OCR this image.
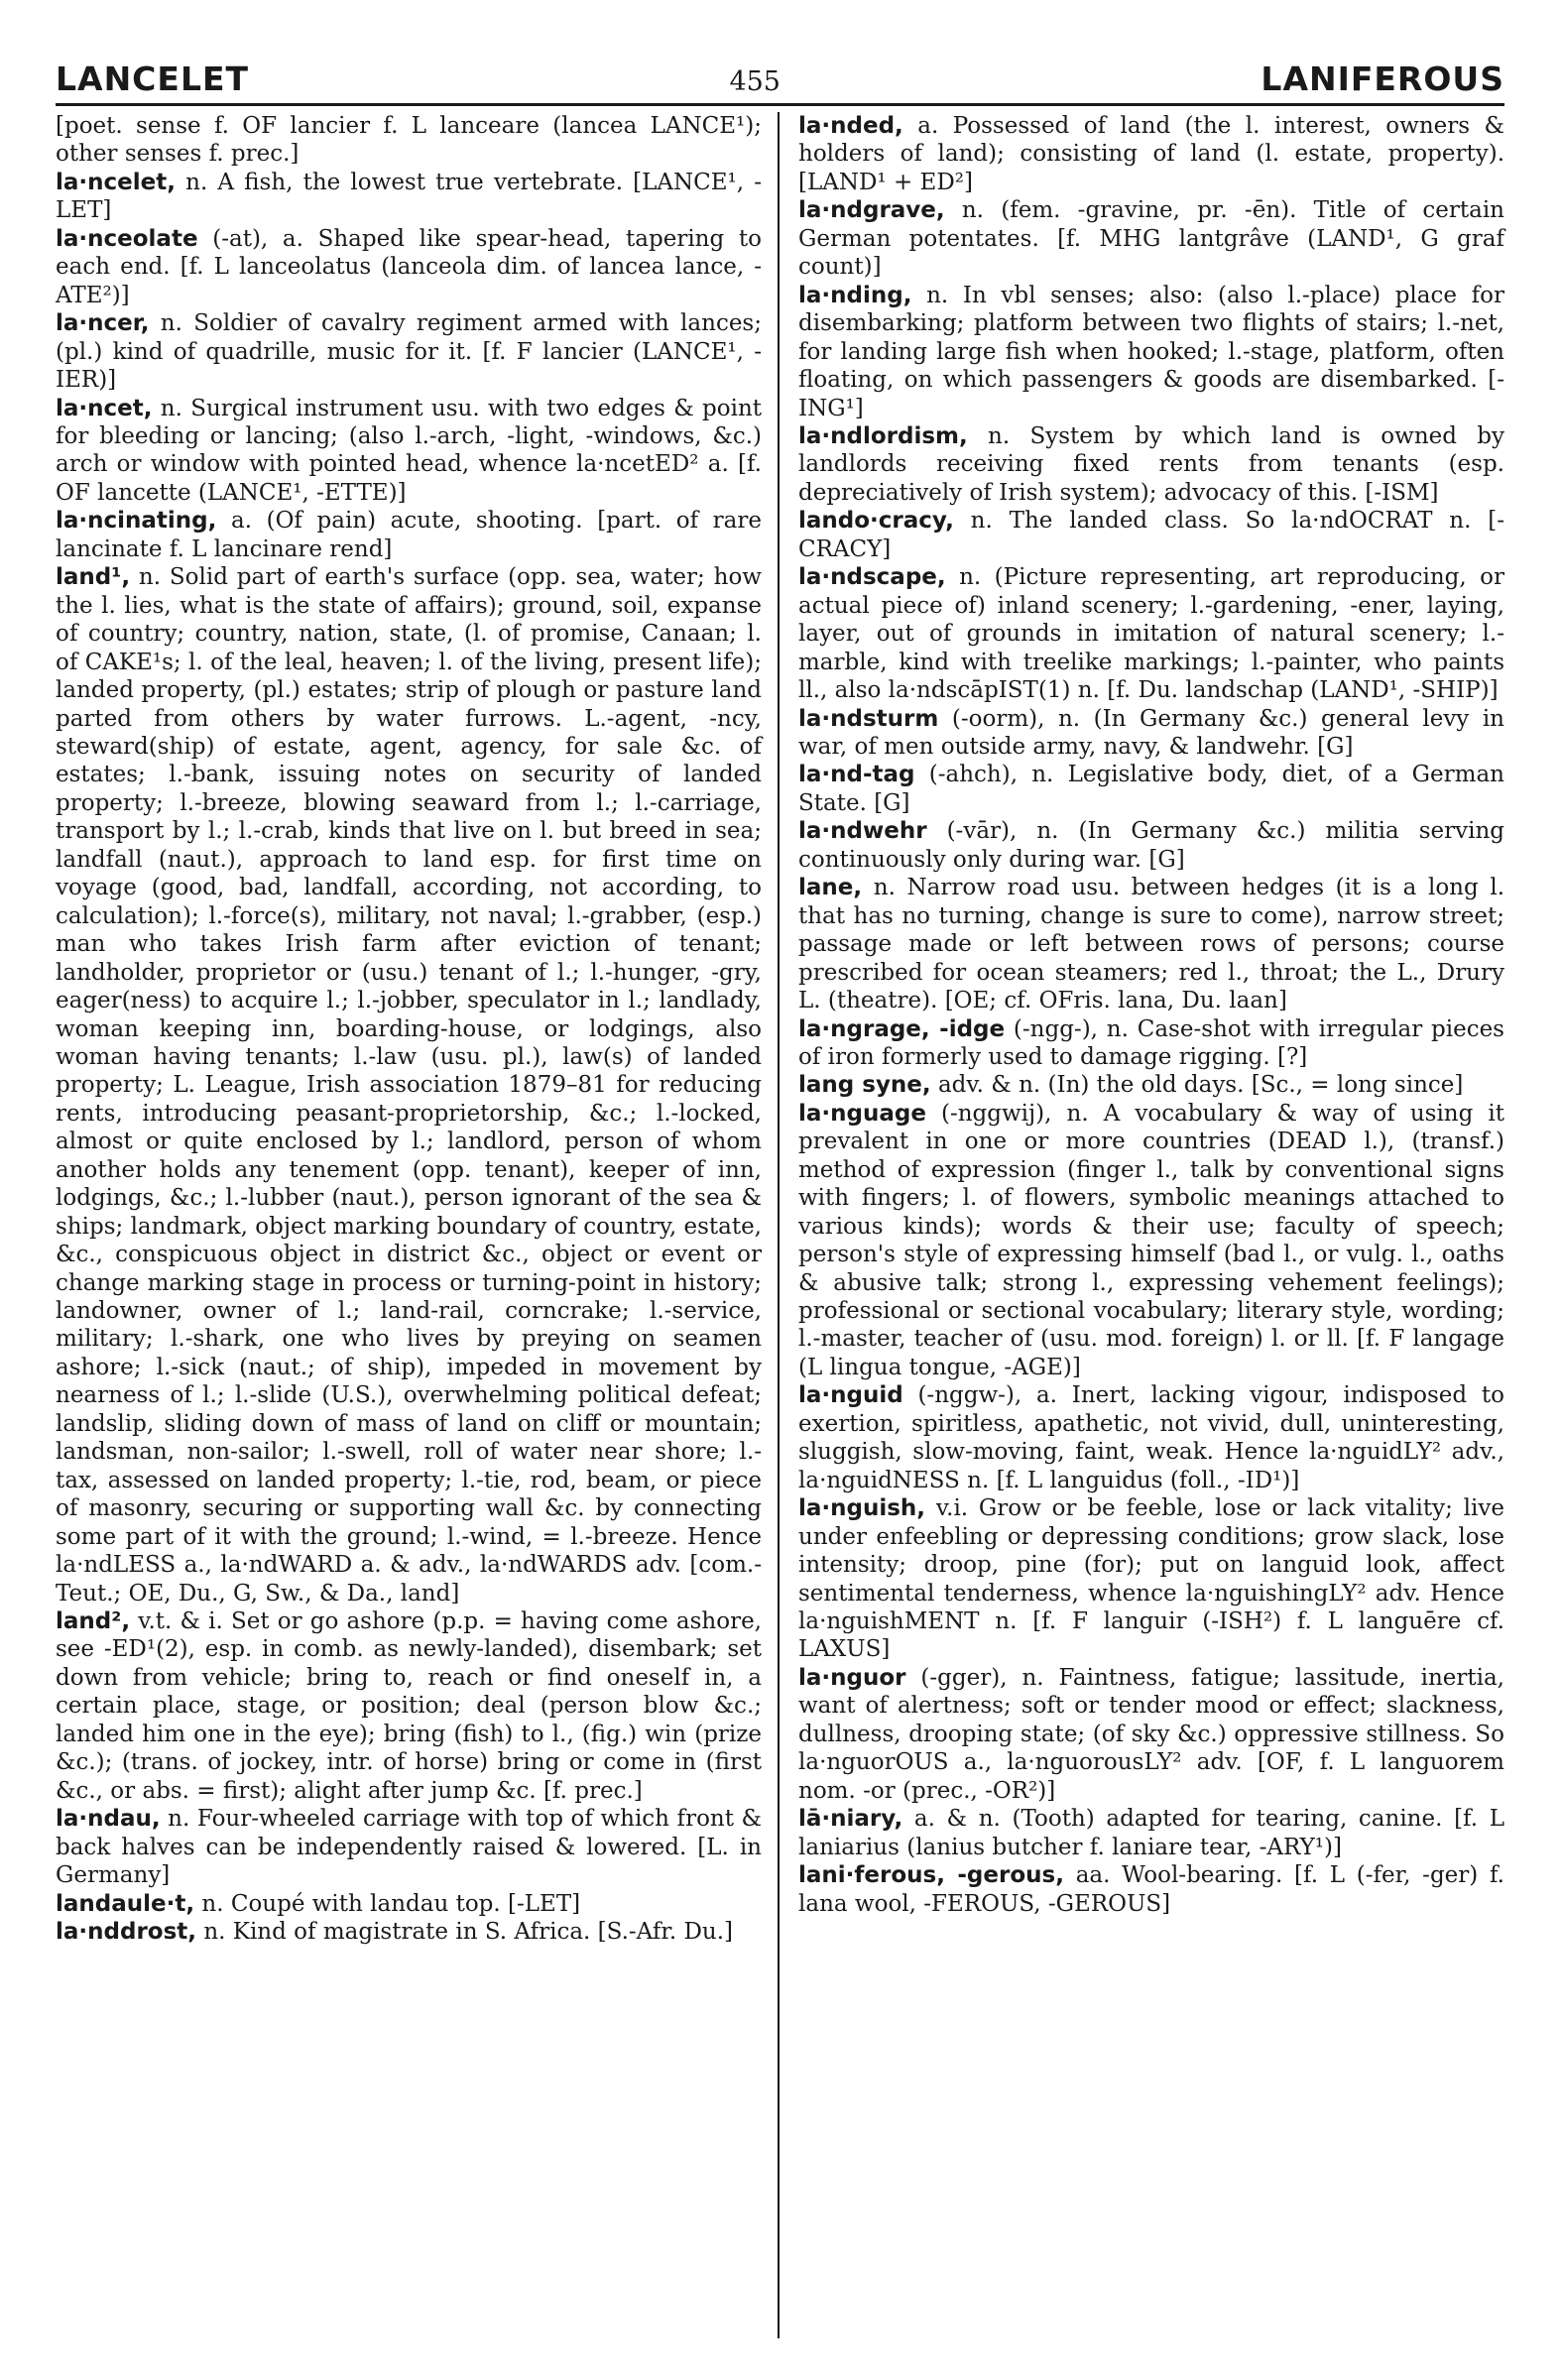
LANCELET	455	LANIFEROUS

[poet. sense f. OF lancier f. L lanceare (lancea LANCE¹); other senses f. prec.]

la·ncelet, n. A fish, the lowest true vertebrate. [LANCE¹, -LET]

la·nceolate (-at), a. Shaped like spear-head, tapering to each end. [f. L lanceolatus (lanceola dim. of lancea lance, -ATE²)]

la·ncer, n. Soldier of cavalry regiment armed with lances; (pl.) kind of quadrille, music for it. [f. F lancier (LANCE¹, -IER)]

la·ncet, n. Surgical instrument usu. with two edges & point for bleeding or lancing; (also l.-arch, -light, -windows, &c.) arch or window with pointed head, whence la·ncetED² a. [f. OF lancette (LANCE¹, -ETTE)]

la·ncinating, a. (Of pain) acute, shooting. [part. of rare lancinate f. L lancinare rend]

land¹, n. Solid part of earth's surface (opp. sea, water; how the l. lies, what is the state of affairs); ground, soil, expanse of country; country, nation, state, (l. of promise, Canaan; l. of CAKE¹s; l. of the leal, heaven; l. of the living, present life); landed property, (pl.) estates; strip of plough or pasture land parted from others by water furrows. L.-agent, -ncy, steward(ship) of estate, agent, agency, for sale &c. of estates; l.-bank, issuing notes on security of landed property; l.-breeze, blowing seaward from l.; l.-carriage, transport by l.; l.-crab, kinds that live on l. but breed in sea; landfall (naut.), approach to land esp. for first time on voyage (good, bad, landfall, according, not according, to calculation); l.-force(s), military, not naval; l.-grabber, (esp.) man who takes Irish farm after eviction of tenant; landholder, proprietor or (usu.) tenant of l.; l.-hunger, -gry, eager(ness) to acquire l.; l.-jobber, speculator in l.; landlady, woman keeping inn, boarding-house, or lodgings, also woman having tenants; l.-law (usu. pl.), law(s) of landed property; L. League, Irish association 1879–81 for reducing rents, introducing peasant-proprietorship, &c.; l.-locked, almost or quite enclosed by l.; landlord, person of whom another holds any tenement (opp. tenant), keeper of inn, lodgings, &c.; l.-lubber (naut.), person ignorant of the sea & ships; landmark, object marking boundary of country, estate, &c., conspicuous object in district &c., object or event or change marking stage in process or turning-point in history; landowner, owner of l.; land-rail, corncrake; l.-service, military; l.-shark, one who lives by preying on seamen ashore; l.-sick (naut.; of ship), impeded in movement by nearness of l.; l.-slide (U.S.), overwhelming political defeat; landslip, sliding down of mass of land on cliff or mountain; landsman, non-sailor; l.-swell, roll of water near shore; l.-tax, assessed on landed property; l.-tie, rod, beam, or piece of masonry, securing or supporting wall &c. by connecting some part of it with the ground; l.-wind, = l.-breeze. Hence la·ndLESS a., la·ndWARD a. & adv., la·ndWARDS adv. [com.-Teut.; OE, Du., G, Sw., & Da., land]

land², v.t. & i. Set or go ashore (p.p. = having come ashore, see -ED¹(2), esp. in comb. as newly-landed), disembark; set down from vehicle; bring to, reach or find oneself in, a certain place, stage, or position; deal (person blow &c.; landed him one in the eye); bring (fish) to l., (fig.) win (prize &c.); (trans. of jockey, intr. of horse) bring or come in (first &c., or abs. = first); alight after jump &c. [f. prec.]

la·ndau, n. Four-wheeled carriage with top of which front & back halves can be independently raised & lowered. [L. in Germany]

landaule·t, n. Coupé with landau top. [-LET]

la·nddrost, n. Kind of magistrate in S. Africa. [S.-Afr. Du.]

la·nded, a. Possessed of land (the l. interest, owners & holders of land); consisting of land (l. estate, property). [LAND¹ + ED²]

la·ndgrave, n. (fem. -gravine, pr. -ēn). Title of certain German potentates. [f. MHG lantgrâve (LAND¹, G graf count)]

la·nding, n. In vbl senses; also: (also l.-place) place for disembarking; platform between two flights of stairs; l.-net, for landing large fish when hooked; l.-stage, platform, often floating, on which passengers & goods are disembarked. [-ING¹]

la·ndlordism, n. System by which land is owned by landlords receiving fixed rents from tenants (esp. depreciatively of Irish system); advocacy of this. [-ISM]

lando·cracy, n. The landed class. So la·ndOCRAT n. [-CRACY]

la·ndscape, n. (Picture representing, art reproducing, or actual piece of) inland scenery; l.-gardening, -ener, laying, layer, out of grounds in imitation of natural scenery; l.-marble, kind with treelike markings; l.-painter, who paints ll., also la·ndscāpIST(1) n. [f. Du. landschap (LAND¹, -SHIP)]

la·ndsturm (-oorm), n. (In Germany &c.) general levy in war, of men outside army, navy, & landwehr. [G]

la·nd-tag (-ahch), n. Legislative body, diet, of a German State. [G]

la·ndwehr (-vār), n. (In Germany &c.) militia serving continuously only during war. [G]

lane, n. Narrow road usu. between hedges (it is a long l. that has no turning, change is sure to come), narrow street; passage made or left between rows of persons; course prescribed for ocean steamers; red l., throat; the L., Drury L. (theatre). [OE; cf. OFris. lana, Du. laan]

la·ngrage, -idge (-ngg-), n. Case-shot with irregular pieces of iron formerly used to damage rigging. [?]

lang syne, adv. & n. (In) the old days. [Sc., = long since]

la·nguage (-nggwij), n. A vocabulary & way of using it prevalent in one or more countries (DEAD l.), (transf.) method of expression (finger l., talk by conventional signs with fingers; l. of flowers, symbolic meanings attached to various kinds); words & their use; faculty of speech; person's style of expressing himself (bad l., or vulg. l., oaths & abusive talk; strong l., expressing vehement feelings); professional or sectional vocabulary; literary style, wording; l.-master, teacher of (usu. mod. foreign) l. or ll. [f. F langage (L lingua tongue, -AGE)]

la·nguid (-nggw-), a. Inert, lacking vigour, indisposed to exertion, spiritless, apathetic, not vivid, dull, uninteresting, sluggish, slow-moving, faint, weak. Hence la·nguidLY² adv., la·nguidNESS n. [f. L languidus (foll., -ID¹)]

la·nguish, v.i. Grow or be feeble, lose or lack vitality; live under enfeebling or depressing conditions; grow slack, lose intensity; droop, pine (for); put on languid look, affect sentimental tenderness, whence la·nguishingLY² adv. Hence la·nguishMENT n. [f. F languir (-ISH²) f. L languēre cf. LAXUS]

la·nguor (-gger), n. Faintness, fatigue; lassitude, inertia, want of alertness; soft or tender mood or effect; slackness, dullness, drooping state; (of sky &c.) oppressive stillness. So la·nguorOUS a., la·nguorousLY² adv. [OF, f. L languorem nom. -or (prec., -OR²)]

lā·niary, a. & n. (Tooth) adapted for tearing, canine. [f. L laniarius (lanius butcher f. laniare tear, -ARY¹)]

lani·ferous, -gerous, aa. Wool-bearing. [f. L (-fer, -ger) f. lana wool, -FEROUS, -GEROUS]
